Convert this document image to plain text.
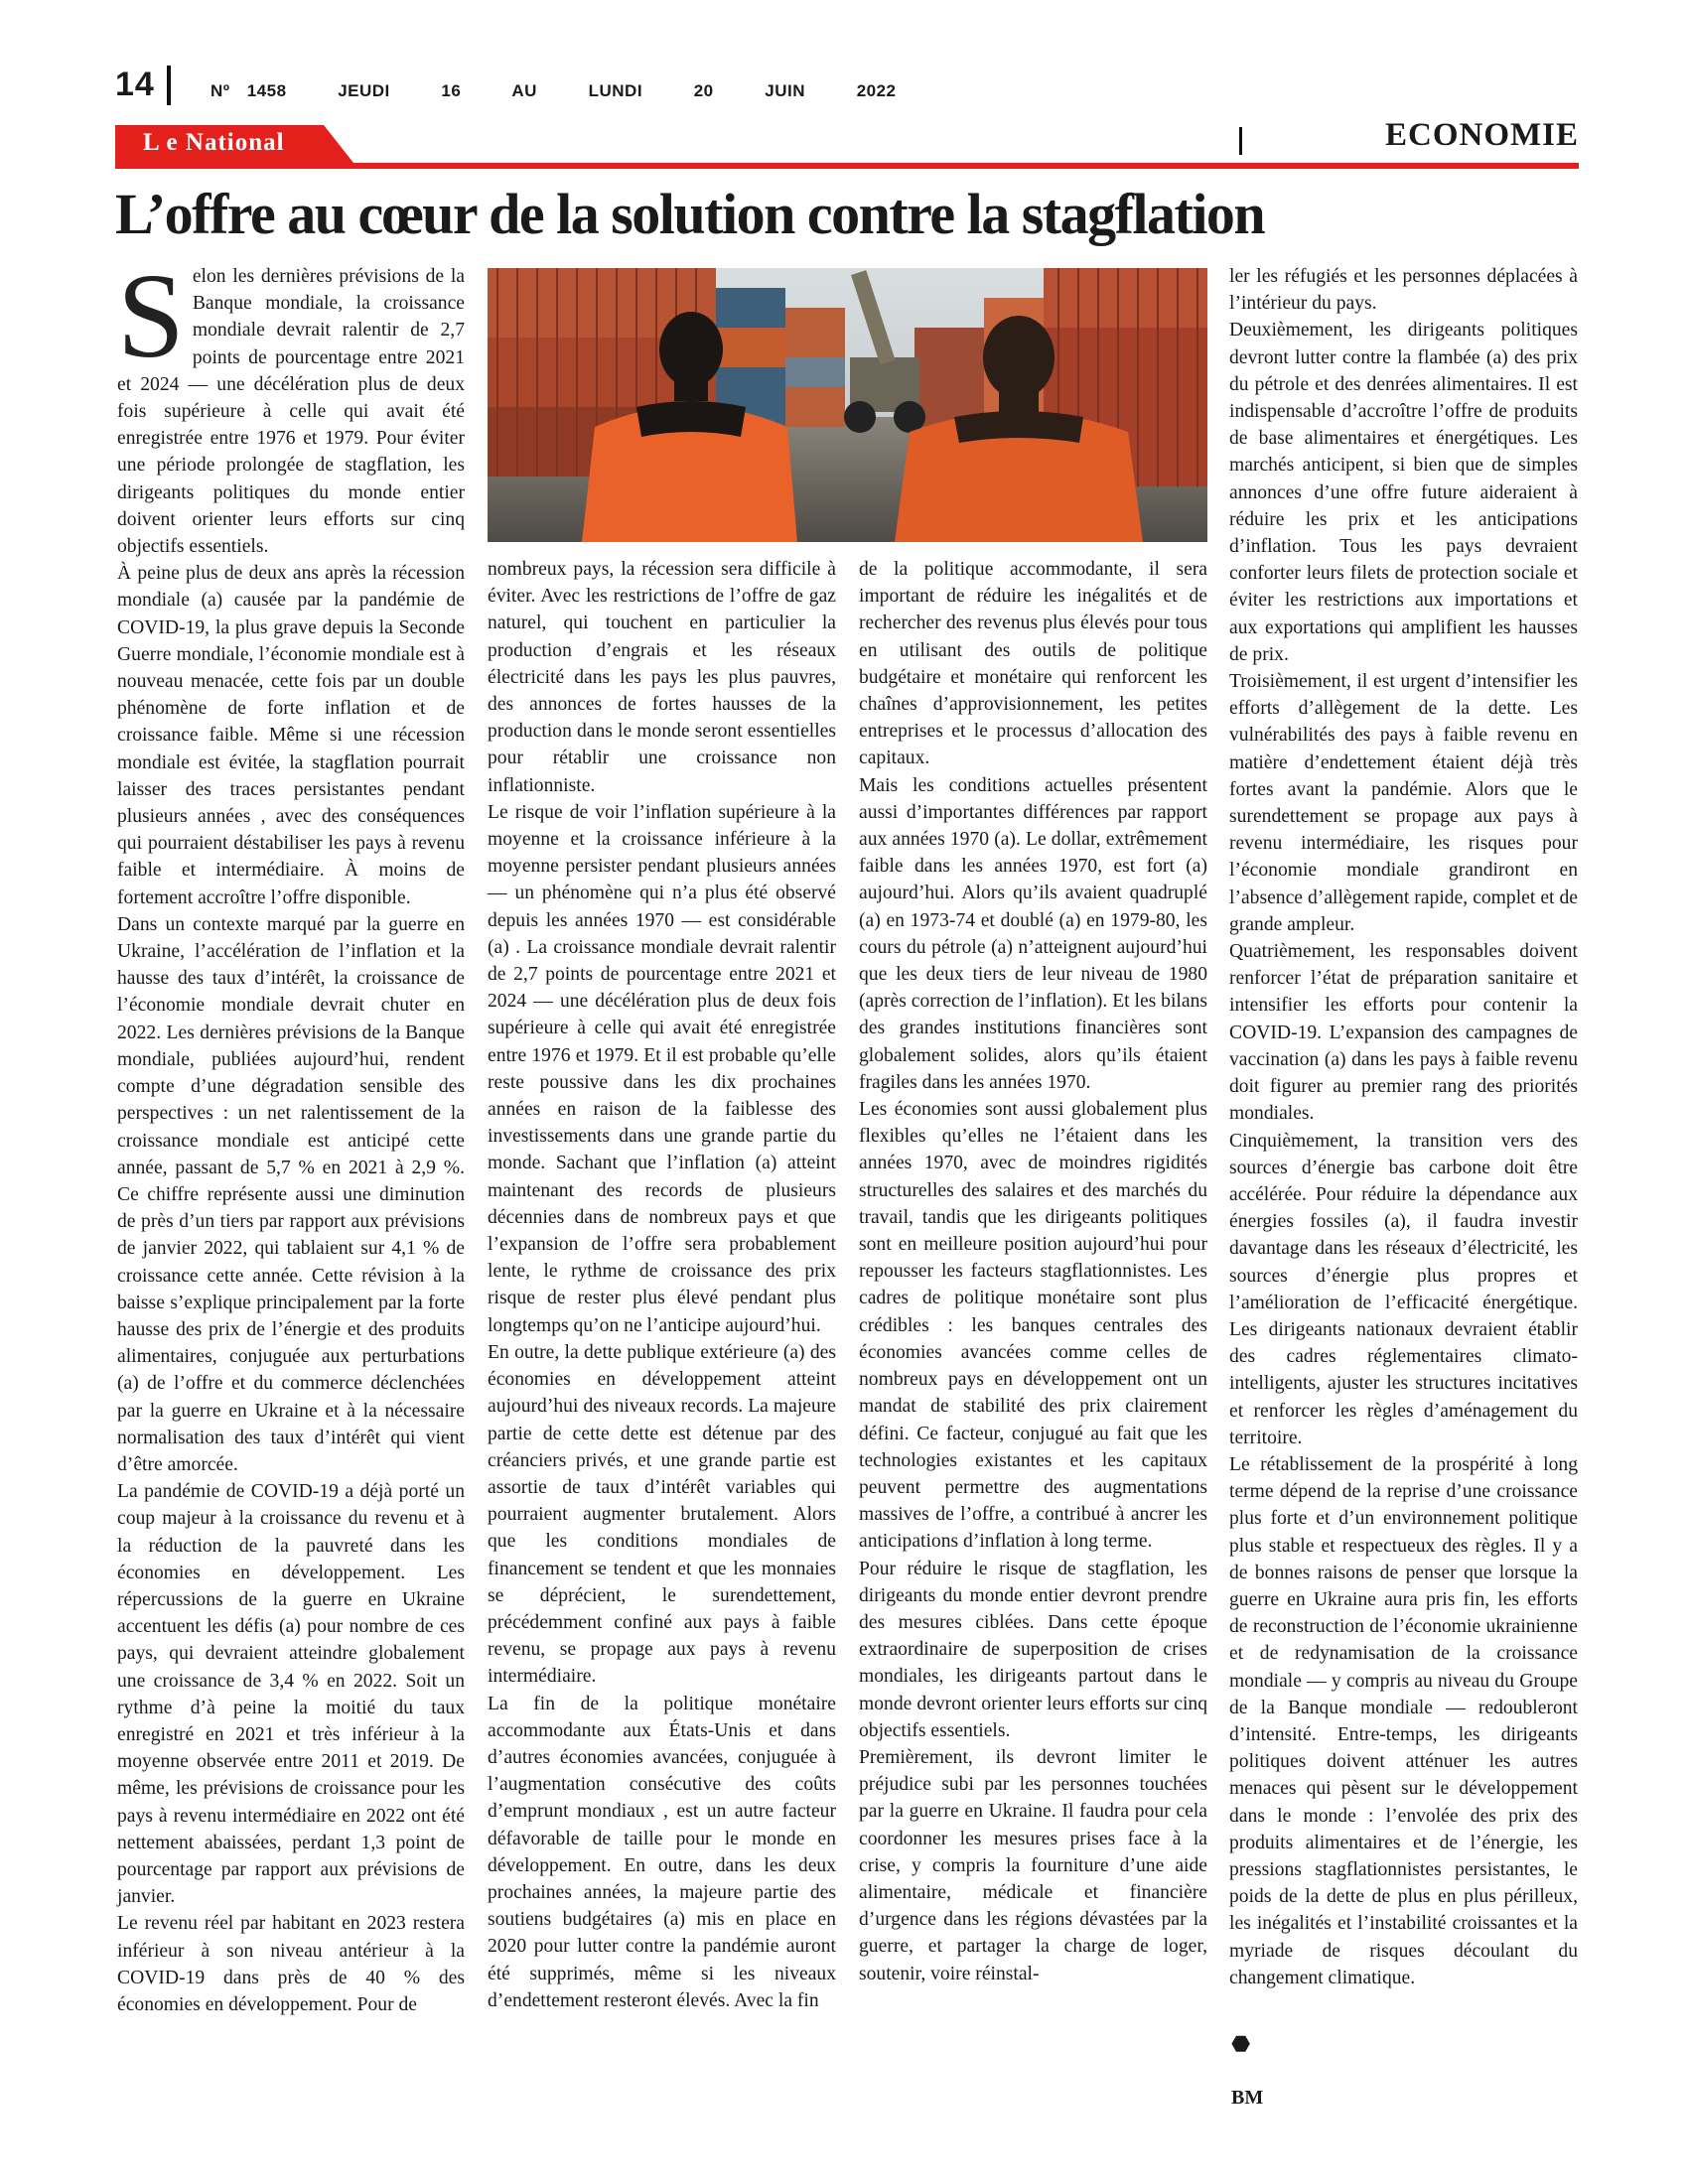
14	Nº 1458   JEUDI   16   AU   LUNDI   20   JUIN   2022
L e National	ECONOMIE
L’offre au cœur de la solution contre la stagflation
S elon les dernières prévisions de la Banque mondiale, la croissance mondiale devrait ralentir de 2,7 points de pourcentage entre 2021 et 2024 — une décélération plus de deux fois supérieure à celle qui avait été enregistrée entre 1976 et 1979. Pour éviter une période prolongée de stagflation, les dirigeants politiques du monde entier doivent orienter leurs efforts sur cinq objectifs essentiels.

À peine plus de deux ans après la récession mondiale (a) causée par la pandémie de COVID-19, la plus grave depuis la Seconde Guerre mondiale, l’économie mondiale est à nouveau menacée, cette fois par un double phénomène de forte inflation et de croissance faible. Même si une récession mondiale est évitée, la stagflation pourrait laisser des traces persistantes pendant plusieurs années , avec des conséquences qui pourraient déstabiliser les pays à revenu faible et intermédiaire. À moins de fortement accroître l’offre disponible.

Dans un contexte marqué par la guerre en Ukraine, l’accélération de l’inflation et la hausse des taux d’intérêt, la croissance de l’économie mondiale devrait chuter en 2022. Les dernières prévisions de la Banque mondiale, publiées aujourd’hui, rendent compte d’une dégradation sensible des perspectives : un net ralentissement de la croissance mondiale est anticipé cette année, passant de 5,7 % en 2021 à 2,9 %. Ce chiffre représente aussi une diminution de près d’un tiers par rapport aux prévisions de janvier 2022, qui tablaient sur 4,1 % de croissance cette année. Cette révision à la baisse s’explique principalement par la forte hausse des prix de l’énergie et des produits alimentaires, conjuguée aux perturbations (a) de l’offre et du commerce déclenchées par la guerre en Ukraine et à la nécessaire normalisation des taux d’intérêt qui vient d’être amorcée.

La pandémie de COVID-19 a déjà porté un coup majeur à la croissance du revenu et à la réduction de la pauvreté dans les économies en développement. Les répercussions de la guerre en Ukraine accentuent les défis (a) pour nombre de ces pays, qui devraient atteindre globalement une croissance de 3,4 % en 2022. Soit un rythme d’à peine la moitié du taux enregistré en 2021 et très inférieur à la moyenne observée entre 2011 et 2019. De même, les prévisions de croissance pour les pays à revenu intermédiaire en 2022 ont été nettement abaissées, perdant 1,3 point de pourcentage par rapport aux prévisions de janvier.

Le revenu réel par habitant en 2023 restera inférieur à son niveau antérieur à la COVID-19 dans près de 40 % des économies en développement. Pour de

nombreux pays, la récession sera difficile à éviter. Avec les restrictions de l’offre de gaz naturel, qui touchent en particulier la production d’engrais et les réseaux électricité dans les pays les plus pauvres, des annonces de fortes hausses de la production dans le monde seront essentielles pour rétablir une croissance non inflationniste.

Le risque de voir l’inflation supérieure à la moyenne et la croissance inférieure à la moyenne persister pendant plusieurs années — un phénomène qui n’a plus été observé depuis les années 1970 — est considérable (a) . La croissance mondiale devrait ralentir de 2,7 points de pourcentage entre 2021 et 2024 — une décélération plus de deux fois supérieure à celle qui avait été enregistrée entre 1976 et 1979. Et il est probable qu’elle reste poussive dans les dix prochaines années en raison de la faiblesse des investissements dans une grande partie du monde. Sachant que l’inflation (a) atteint maintenant des records de plusieurs décennies dans de nombreux pays et que l’expansion de l’offre sera probablement lente, le rythme de croissance des prix risque de rester plus élevé pendant plus longtemps qu’on ne l’anticipe aujourd’hui.

En outre, la dette publique extérieure (a) des économies en développement atteint aujourd’hui des niveaux records. La majeure partie de cette dette est détenue par des créanciers privés, et une grande partie est assortie de taux d’intérêt variables qui pourraient augmenter brutalement. Alors que les conditions mondiales de financement se tendent et que les monnaies se déprécient, le surendettement, précédemment confiné aux pays à faible revenu, se propage aux pays à revenu intermédiaire.

La fin de la politique monétaire accommodante aux États-Unis et dans d’autres économies avancées, conjuguée à l’augmentation consécutive des coûts d’emprunt mondiaux , est un autre facteur défavorable de taille pour le monde en développement. En outre, dans les deux prochaines années, la majeure partie des soutiens budgétaires (a) mis en place en 2020 pour lutter contre la pandémie auront été supprimés, même si les niveaux d’endettement resteront élevés. Avec la fin

de la politique accommodante, il sera important de réduire les inégalités et de rechercher des revenus plus élevés pour tous en utilisant des outils de politique budgétaire et monétaire qui renforcent les chaînes d’approvisionnement, les petites entreprises et le processus d’allocation des capitaux.

Mais les conditions actuelles présentent aussi d’importantes différences par rapport aux années 1970 (a). Le dollar, extrêmement faible dans les années 1970, est fort (a) aujourd’hui. Alors qu’ils avaient quadruplé (a) en 1973-74 et doublé (a) en 1979-80, les cours du pétrole (a) n’atteignent aujourd’hui que les deux tiers de leur niveau de 1980 (après correction de l’inflation). Et les bilans des grandes institutions financières sont globalement solides, alors qu’ils étaient fragiles dans les années 1970.

Les économies sont aussi globalement plus flexibles qu’elles ne l’étaient dans les années 1970, avec de moindres rigidités structurelles des salaires et des marchés du travail, tandis que les dirigeants politiques sont en meilleure position aujourd’hui pour repousser les facteurs stagflationnistes. Les cadres de politique monétaire sont plus crédibles : les banques centrales des économies avancées comme celles de nombreux pays en développement ont un mandat de stabilité des prix clairement défini. Ce facteur, conjugué au fait que les technologies existantes et les capitaux peuvent permettre des augmentations massives de l’offre, a contribué à ancrer les anticipations d’inflation à long terme.

Pour réduire le risque de stagflation, les dirigeants du monde entier devront prendre des mesures ciblées. Dans cette époque extraordinaire de superposition de crises mondiales, les dirigeants partout dans le monde devront orienter leurs efforts sur cinq objectifs essentiels.

Premièrement, ils devront limiter le préjudice subi par les personnes touchées par la guerre en Ukraine. Il faudra pour cela coordonner les mesures prises face à la crise, y compris la fourniture d’une aide alimentaire, médicale et financière d’urgence dans les régions dévastées par la guerre, et partager la charge de loger, soutenir, voire réinstal-

ler les réfugiés et les personnes déplacées à l’intérieur du pays.

Deuxièmement, les dirigeants politiques devront lutter contre la flambée (a) des prix du pétrole et des denrées alimentaires. Il est indispensable d’accroître l’offre de produits de base alimentaires et énergétiques. Les marchés anticipent, si bien que de simples annonces d’une offre future aideraient à réduire les prix et les anticipations d’inflation. Tous les pays devraient conforter leurs filets de protection sociale et éviter les restrictions aux importations et aux exportations qui amplifient les hausses de prix.

Troisièmement, il est urgent d’intensifier les efforts d’allègement de la dette. Les vulnérabilités des pays à faible revenu en matière d’endettement étaient déjà très fortes avant la pandémie. Alors que le surendettement se propage aux pays à revenu intermédiaire, les risques pour l’économie mondiale grandiront en l’absence d’allègement rapide, complet et de grande ampleur.

Quatrièmement, les responsables doivent renforcer l’état de préparation sanitaire et intensifier les efforts pour contenir la COVID-19. L’expansion des campagnes de vaccination (a) dans les pays à faible revenu doit figurer au premier rang des priorités mondiales.

Cinquièmement, la transition vers des sources d’énergie bas carbone doit être accélérée. Pour réduire la dépendance aux énergies fossiles (a), il faudra investir davantage dans les réseaux d’électricité, les sources d’énergie plus propres et l’amélioration de l’efficacité énergétique. Les dirigeants nationaux devraient établir des cadres réglementaires climato-intelligents, ajuster les structures incitatives et renforcer les règles d’aménagement du territoire.

Le rétablissement de la prospérité à long terme dépend de la reprise d’une croissance plus forte et d’un environnement politique plus stable et respectueux des règles. Il y a de bonnes raisons de penser que lorsque la guerre en Ukraine aura pris fin, les efforts de reconstruction de l’économie ukrainienne et de redynamisation de la croissance mondiale — y compris au niveau du Groupe de la Banque mondiale — redoubleront d’intensité. Entre-temps, les dirigeants politiques doivent atténuer les autres menaces qui pèsent sur le développement dans le monde : l’envolée des prix des produits alimentaires et de l’énergie, les pressions stagflationnistes persistantes, le poids de la dette de plus en plus périlleux, les inégalités et l’instabilité croissantes et la myriade de risques découlant du changement climatique.

⬣
BM
